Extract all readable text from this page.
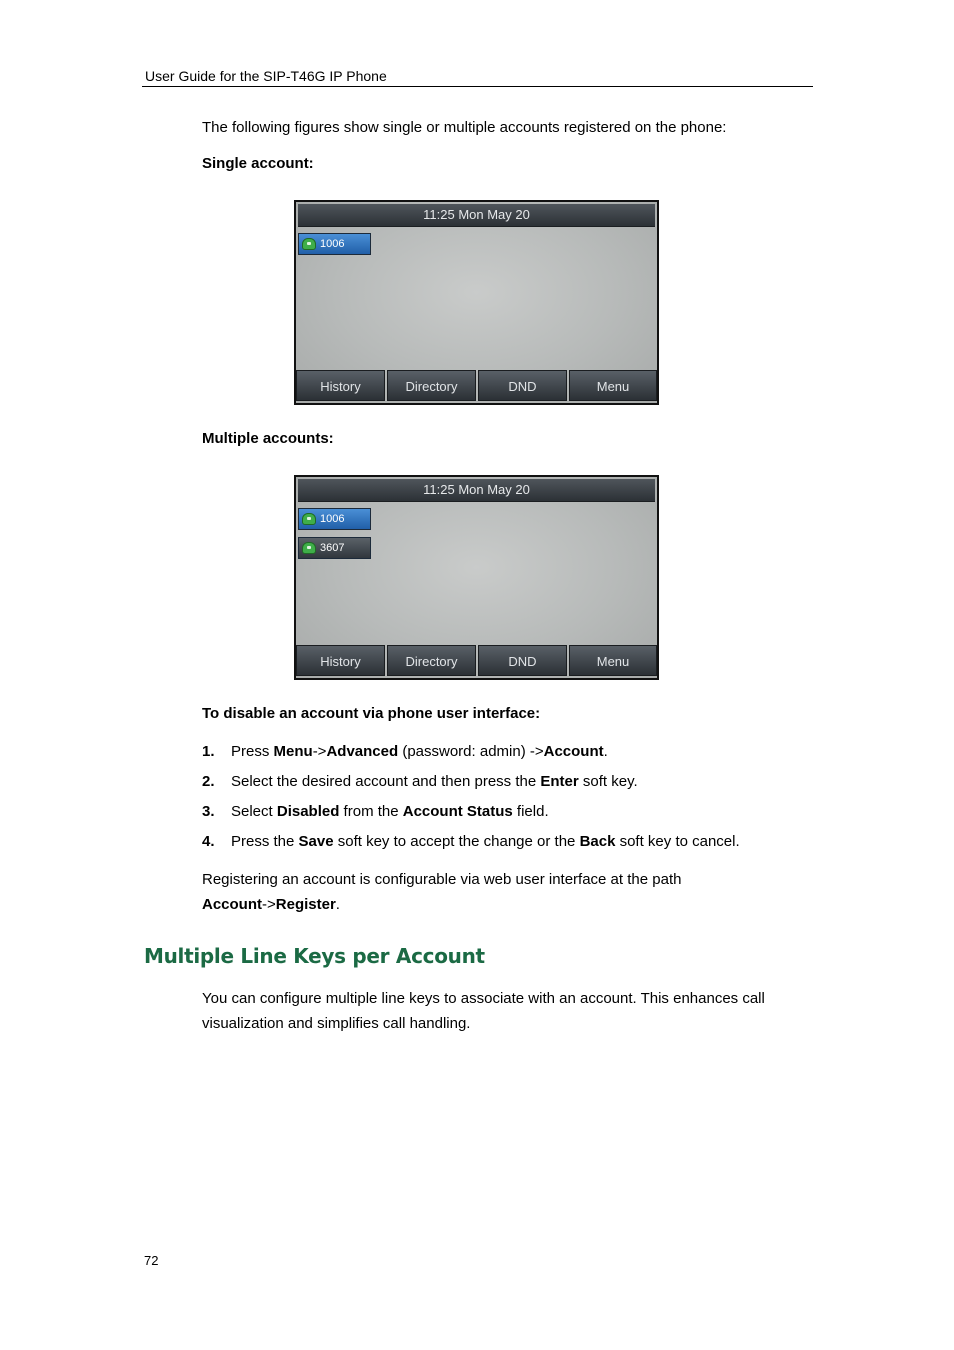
User Guide for the SIP-T46G IP Phone
The following figures show single or multiple accounts registered on the phone:
Single account:
11:25 Mon May 20
1006
History	Directory	DND	Menu
Multiple accounts:
11:25 Mon May 20
1006
3607
History	Directory	DND	Menu
To disable an account via phone user interface:
1. Press Menu->Advanced (password: admin) ->Account.
2. Select the desired account and then press the Enter soft key.
3. Select Disabled from the Account Status field.
4. Press the Save soft key to accept the change or the Back soft key to cancel.
Registering an account is configurable via web user interface at the path
Account->Register.
Multiple Line Keys per Account
You can configure multiple line keys to associate with an account. This enhances call
visualization and simplifies call handling.
72
